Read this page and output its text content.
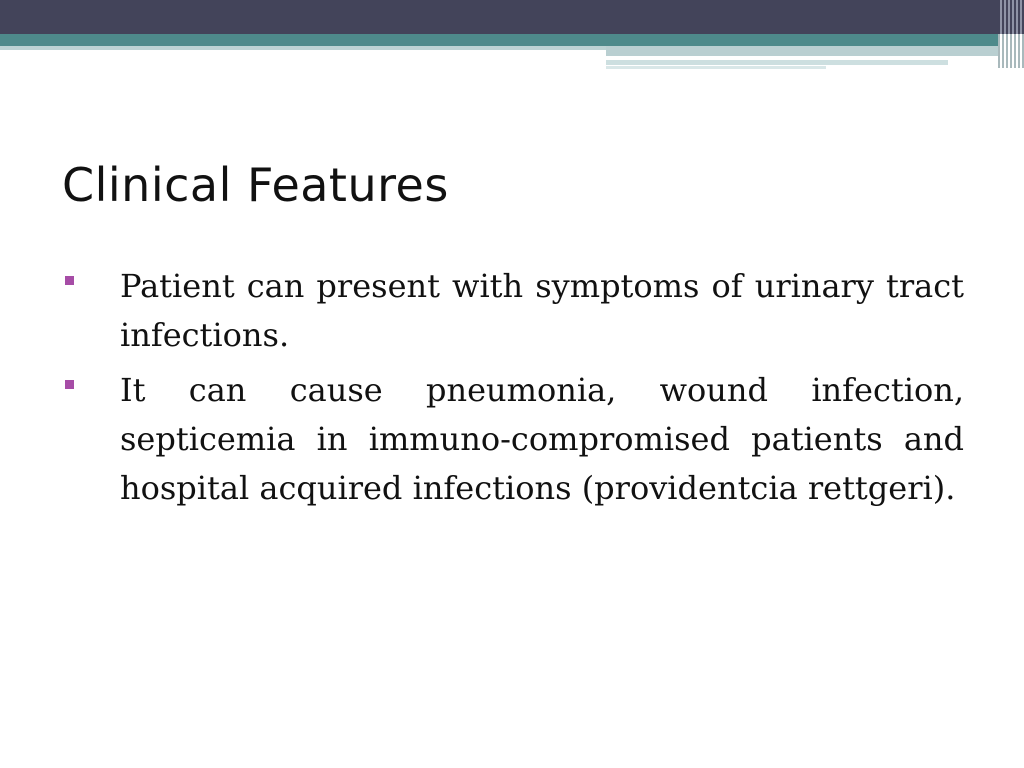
Clinical Features
Patient can present with symptoms of urinary tract infections.
It can cause pneumonia, wound infection, septicemia in immuno-compromised patients and hospital acquired infections (providentcia rettgeri).
